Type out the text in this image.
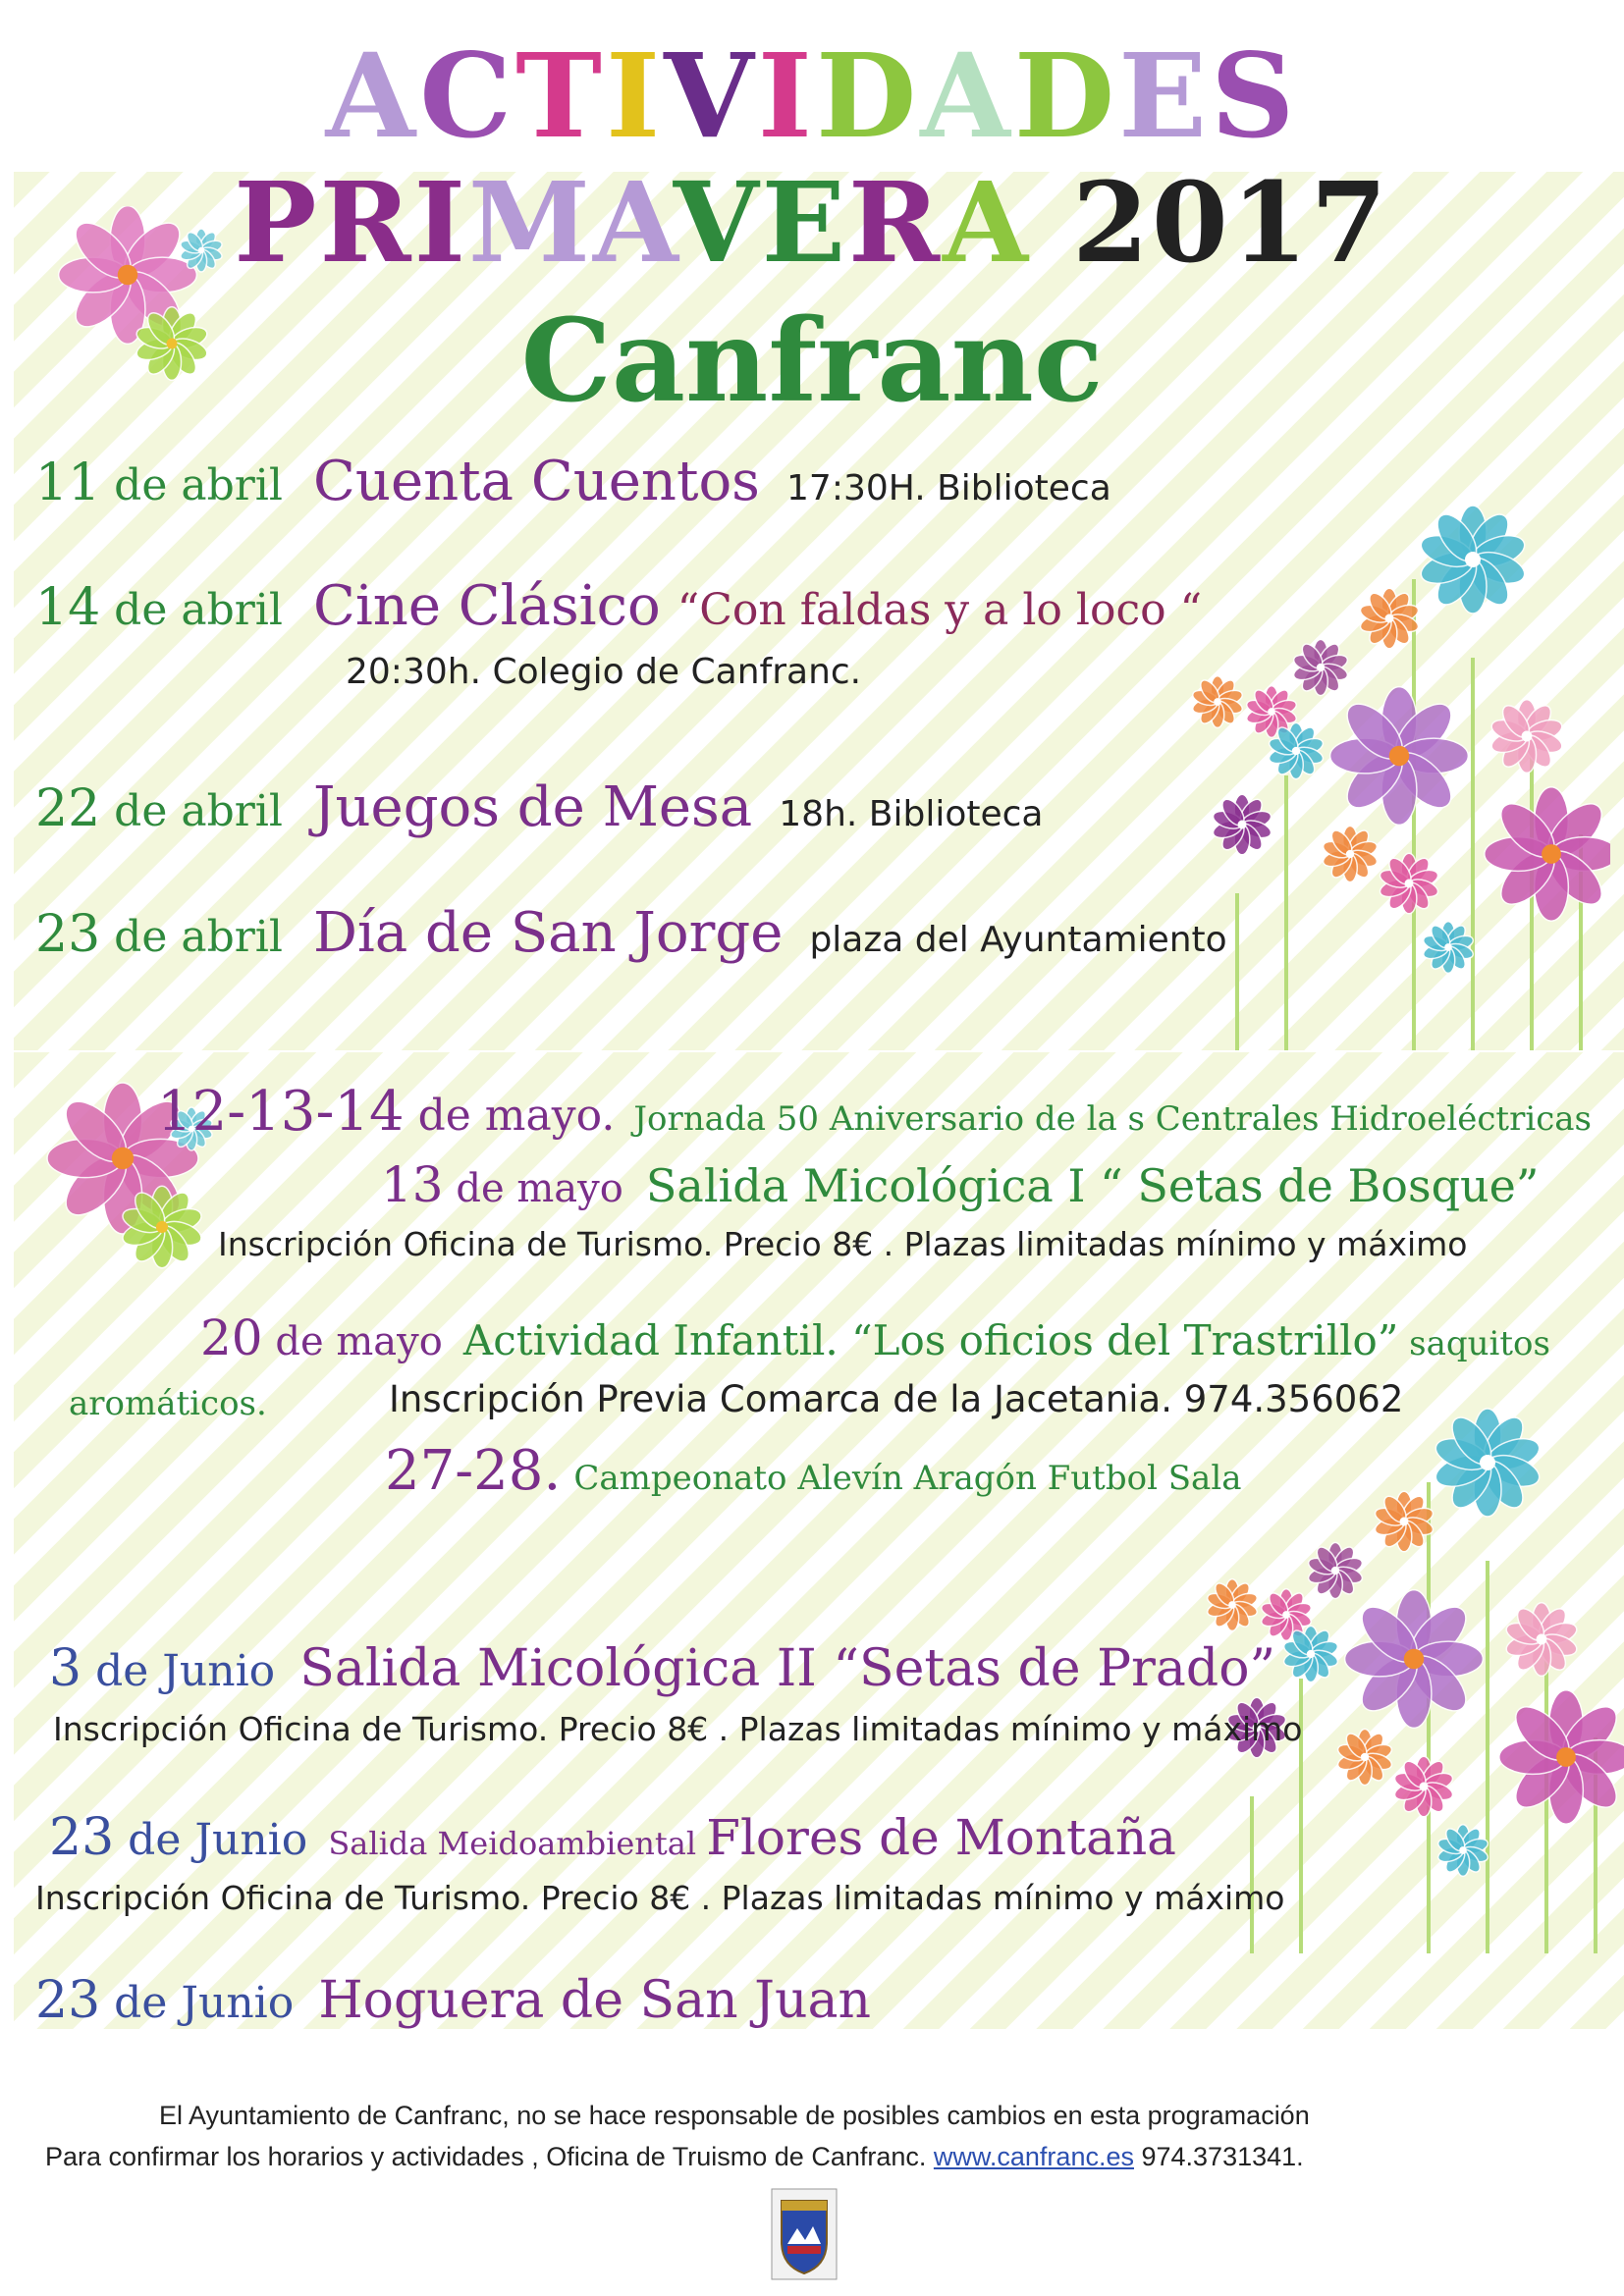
ACTIVIDADES
PRIMAVERA 2017
Canfranc
11 de abril Cuenta Cuentos 17:30H. Biblioteca
14 de abril Cine Clásico “Con faldas y a lo loco “
20:30h. Colegio de Canfranc.
22 de abril Juegos de Mesa 18h. Biblioteca
23 de abril Día de San Jorge plaza del Ayuntamiento
12-13-14 de mayo. Jornada 50 Aniversario de la s Centrales Hidroeléctricas
13 de mayo Salida Micológica I “ Setas de Bosque”
Inscripción Oficina de Turismo. Precio 8€ . Plazas limitadas mínimo y máximo
20 de mayo Actividad Infantil. “Los oficios del Trastrillo” saquitos
aromáticos.	Inscripción Previa Comarca de la Jacetania. 974.356062
27-28. Campeonato Alevín Aragón Futbol Sala
3 de Junio Salida Micológica II “Setas de Prado”
Inscripción Oficina de Turismo. Precio 8€ . Plazas limitadas mínimo y máximo
23 de Junio Salida Meidoambiental Flores de Montaña
Inscripción Oficina de Turismo. Precio 8€ . Plazas limitadas mínimo y máximo
23 de Junio Hoguera de San Juan
El Ayuntamiento de Canfranc, no se hace responsable de posibles cambios en esta programación
Para confirmar los horarios y actividades , Oficina de Truismo de Canfranc. www.canfranc.es 974.3731341.
